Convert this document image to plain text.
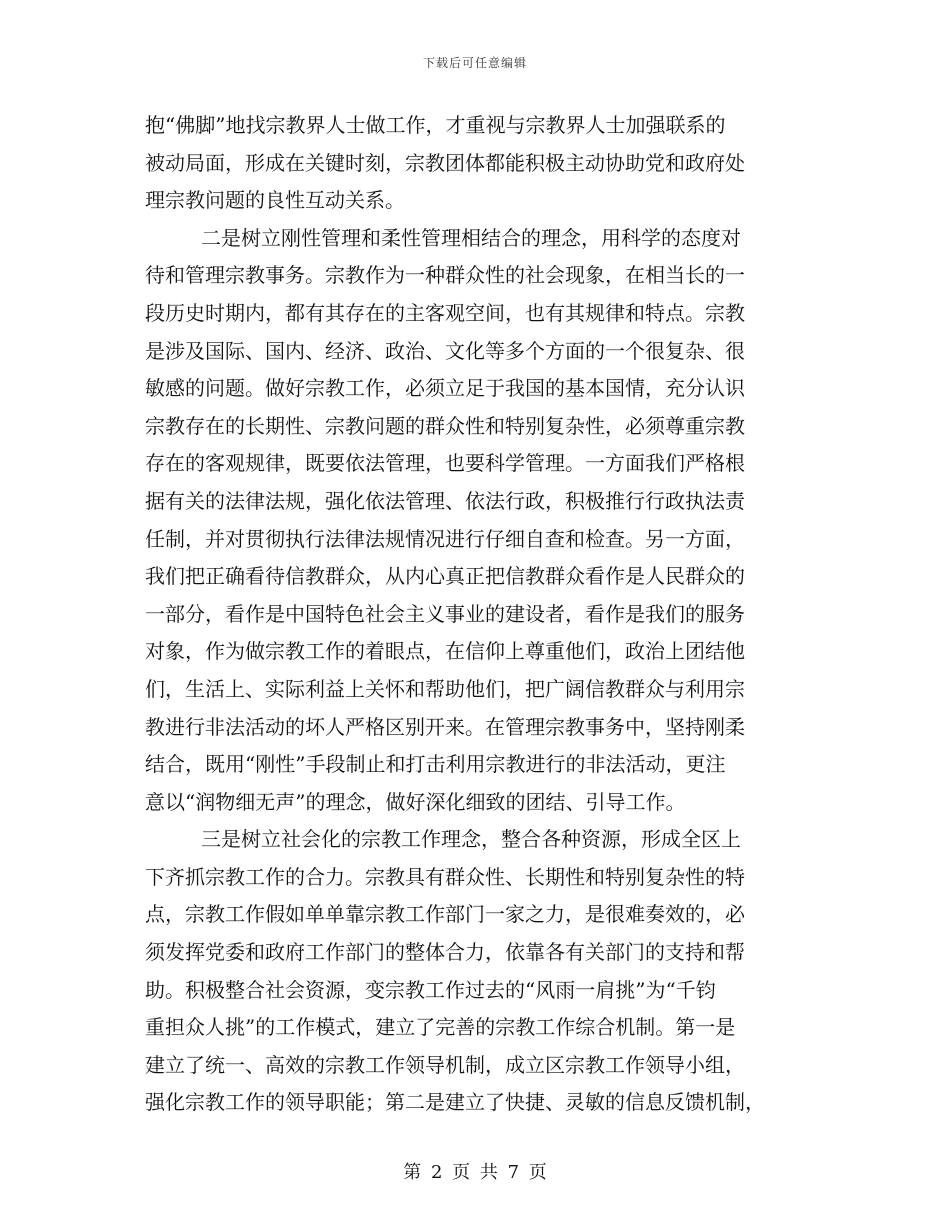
下载后可任意编辑
抱“佛脚”地找宗教界人士做工作，才重视与宗教界人士加强联系的
被动局面，形成在关键时刻，宗教团体都能积极主动协助党和政府处
理宗教问题的良性互动关系。
二是树立刚性管理和柔性管理相结合的理念，用科学的态度对
待和管理宗教事务。宗教作为一种群众性的社会现象，在相当长的一
段历史时期内，都有其存在的主客观空间，也有其规律和特点。宗教
是涉及国际、国内、经济、政治、文化等多个方面的一个很复杂、很
敏感的问题。做好宗教工作，必须立足于我国的基本国情，充分认识
宗教存在的长期性、宗教问题的群众性和特别复杂性，必须尊重宗教
存在的客观规律，既要依法管理，也要科学管理。一方面我们严格根
据有关的法律法规，强化依法管理、依法行政，积极推行行政执法责
任制，并对贯彻执行法律法规情况进行仔细自查和检查。另一方面，
我们把正确看待信教群众，从内心真正把信教群众看作是人民群众的
一部分，看作是中国特色社会主义事业的建设者，看作是我们的服务
对象，作为做宗教工作的着眼点，在信仰上尊重他们，政治上团结他
们，生活上、实际利益上关怀和帮助他们，把广阔信教群众与利用宗
教进行非法活动的坏人严格区别开来。在管理宗教事务中，坚持刚柔
结合，既用“刚性”手段制止和打击利用宗教进行的非法活动，更注
意以“润物细无声”的理念，做好深化细致的团结、引导工作。
三是树立社会化的宗教工作理念，整合各种资源，形成全区上
下齐抓宗教工作的合力。宗教具有群众性、长期性和特别复杂性的特
点，宗教工作假如单单靠宗教工作部门一家之力，是很难奏效的，必
须发挥党委和政府工作部门的整体合力，依靠各有关部门的支持和帮
助。积极整合社会资源，变宗教工作过去的“风雨一肩挑”为“千钧
重担众人挑”的工作模式，建立了完善的宗教工作综合机制。第一是
建立了统一、高效的宗教工作领导机制，成立区宗教工作领导小组，
强化宗教工作的领导职能；第二是建立了快捷、灵敏的信息反馈机制，
第 2 页 共 7 页
